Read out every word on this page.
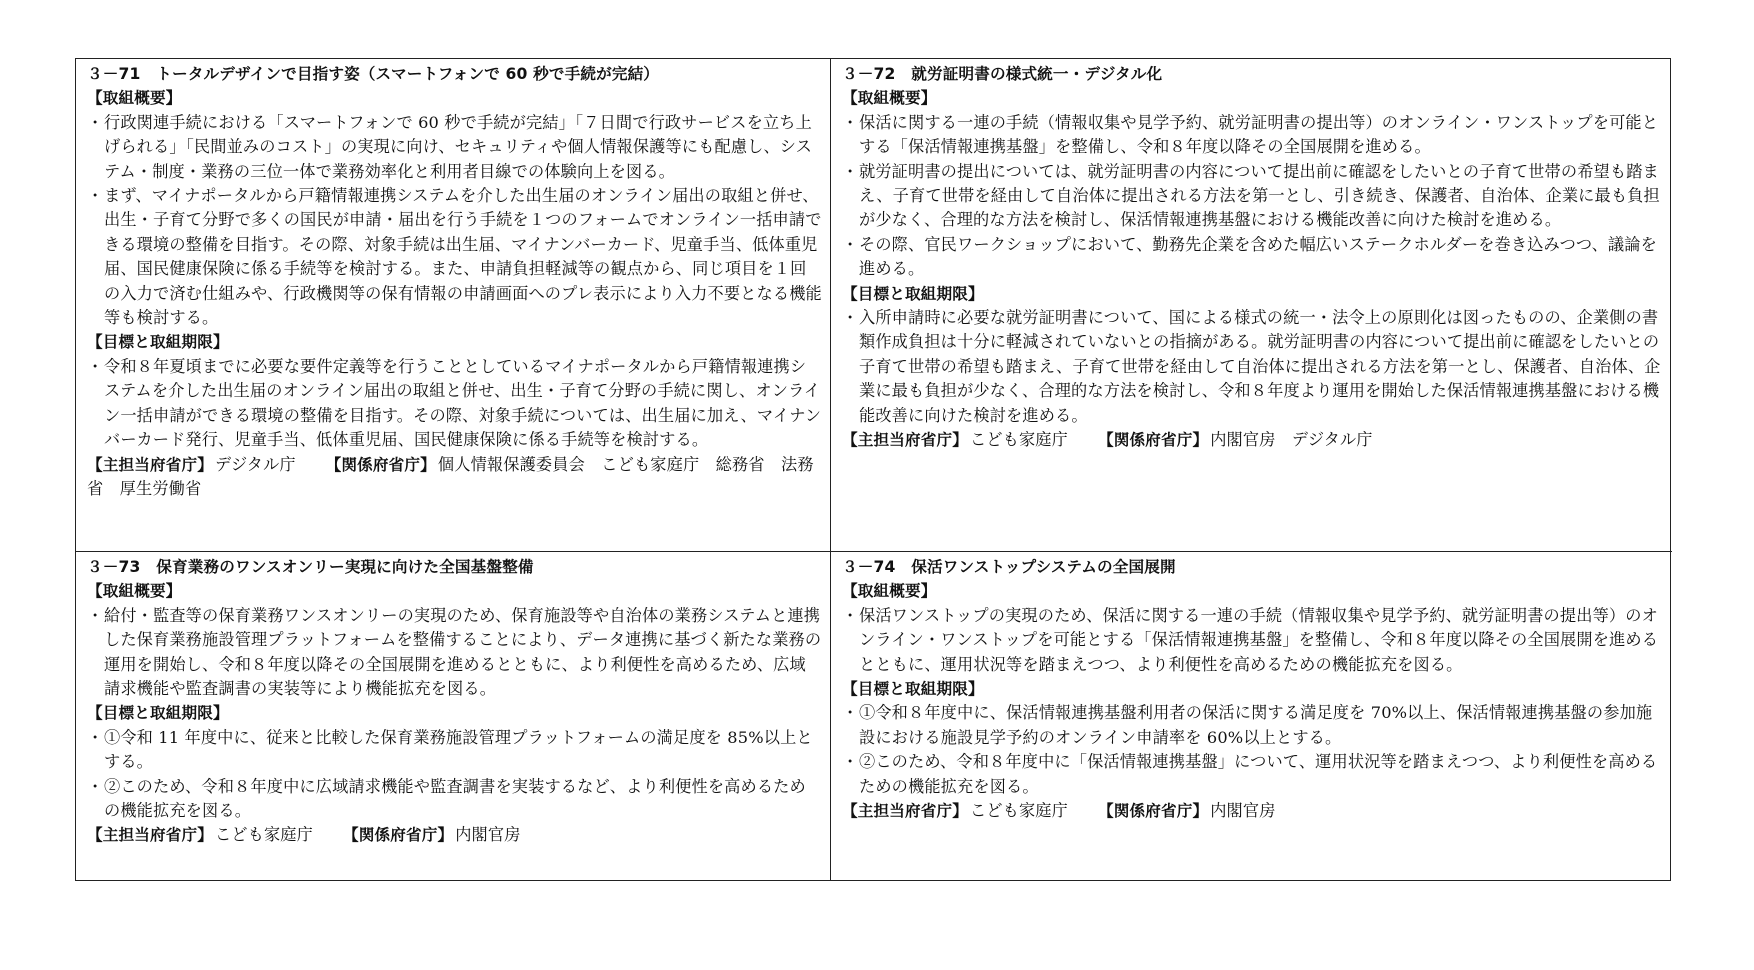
３－71　トータルデザインで目指す姿（スマートフォンで 60 秒で手続が完結）
【取組概要】
・ 行政関連手続における「スマートフォンで 60 秒で手続が完結」「７日間で行政サービスを立ち上げられる」「民間並みのコスト」の実現に向け、セキュリティや個人情報保護等にも配慮し、システム・制度・業務の三位一体で業務効率化と利用者目線での体験向上を図る。
・ まず、マイナポータルから戸籍情報連携システムを介した出生届のオンライン届出の取組と併せ、出生・子育て分野で多くの国民が申請・届出を行う手続を１つのフォームでオンライン一括申請できる環境の整備を目指す。その際、対象手続は出生届、マイナンバーカード、児童手当、低体重児届、国民健康保険に係る手続等を検討する。また、申請負担軽減等の観点から、同じ項目を１回の入力で済む仕組みや、行政機関等の保有情報の申請画面へのプレ表示により入力不要となる機能等も検討する。
【目標と取組期限】
・ 令和８年夏頃までに必要な要件定義等を行うこととしているマイナポータルから戸籍情報連携システムを介した出生届のオンライン届出の取組と併せ、出生・子育て分野の手続に関し、オンライン一括申請ができる環境の整備を目指す。その際、対象手続については、出生届に加え、マイナンバーカード発行、児童手当、低体重児届、国民健康保険に係る手続等を検討する。
【主担当府省庁】 デジタル庁 【関係府省庁】 個人情報保護委員会　こども家庭庁　総務省　法務省　厚生労働省
３－72　就労証明書の様式統一・デジタル化
【取組概要】
・ 保活に関する一連の手続（情報収集や見学予約、就労証明書の提出等）のオンライン・ワンストップを可能とする「保活情報連携基盤」を整備し、令和８年度以降その全国展開を進める。
・ 就労証明書の提出については、就労証明書の内容について提出前に確認をしたいとの子育て世帯の希望も踏まえ、子育て世帯を経由して自治体に提出される方法を第一とし、引き続き、保護者、自治体、企業に最も負担が少なく、合理的な方法を検討し、保活情報連携基盤における機能改善に向けた検討を進める。
・ その際、官民ワークショップにおいて、勤務先企業を含めた幅広いステークホルダーを巻き込みつつ、議論を進める。
【目標と取組期限】
・ 入所申請時に必要な就労証明書について、国による様式の統一・法令上の原則化は図ったものの、企業側の書類作成負担は十分に軽減されていないとの指摘がある。就労証明書の内容について提出前に確認をしたいとの子育て世帯の希望も踏まえ、子育て世帯を経由して自治体に提出される方法を第一とし、保護者、自治体、企業に最も負担が少なく、合理的な方法を検討し、令和８年度より運用を開始した保活情報連携基盤における機能改善に向けた検討を進める。
【主担当府省庁】 こども家庭庁 【関係府省庁】 内閣官房　デジタル庁
３－73　保育業務のワンスオンリー実現に向けた全国基盤整備
【取組概要】
・ 給付・監査等の保育業務ワンスオンリーの実現のため、保育施設等や自治体の業務システムと連携した保育業務施設管理プラットフォームを整備することにより、データ連携に基づく新たな業務の運用を開始し、令和８年度以降その全国展開を進めるとともに、より利便性を高めるため、広域請求機能や監査調書の実装等により機能拡充を図る。
【目標と取組期限】
・ ①令和 11 年度中に、従来と比較した保育業務施設管理プラットフォームの満足度を 85%以上とする。
・ ②このため、令和８年度中に広域請求機能や監査調書を実装するなど、より利便性を高めるための機能拡充を図る。
【主担当府省庁】 こども家庭庁 【関係府省庁】 内閣官房
３－74　保活ワンストップシステムの全国展開
【取組概要】
・ 保活ワンストップの実現のため、保活に関する一連の手続（情報収集や見学予約、就労証明書の提出等）のオンライン・ワンストップを可能とする「保活情報連携基盤」を整備し、令和８年度以降その全国展開を進めるとともに、運用状況等を踏まえつつ、より利便性を高めるための機能拡充を図る。
【目標と取組期限】
・ ①令和８年度中に、保活情報連携基盤利用者の保活に関する満足度を 70%以上、保活情報連携基盤の参加施設における施設見学予約のオンライン申請率を 60%以上とする。
・ ②このため、令和８年度中に「保活情報連携基盤」について、運用状況等を踏まえつつ、より利便性を高めるための機能拡充を図る。
【主担当府省庁】 こども家庭庁 【関係府省庁】 内閣官房
